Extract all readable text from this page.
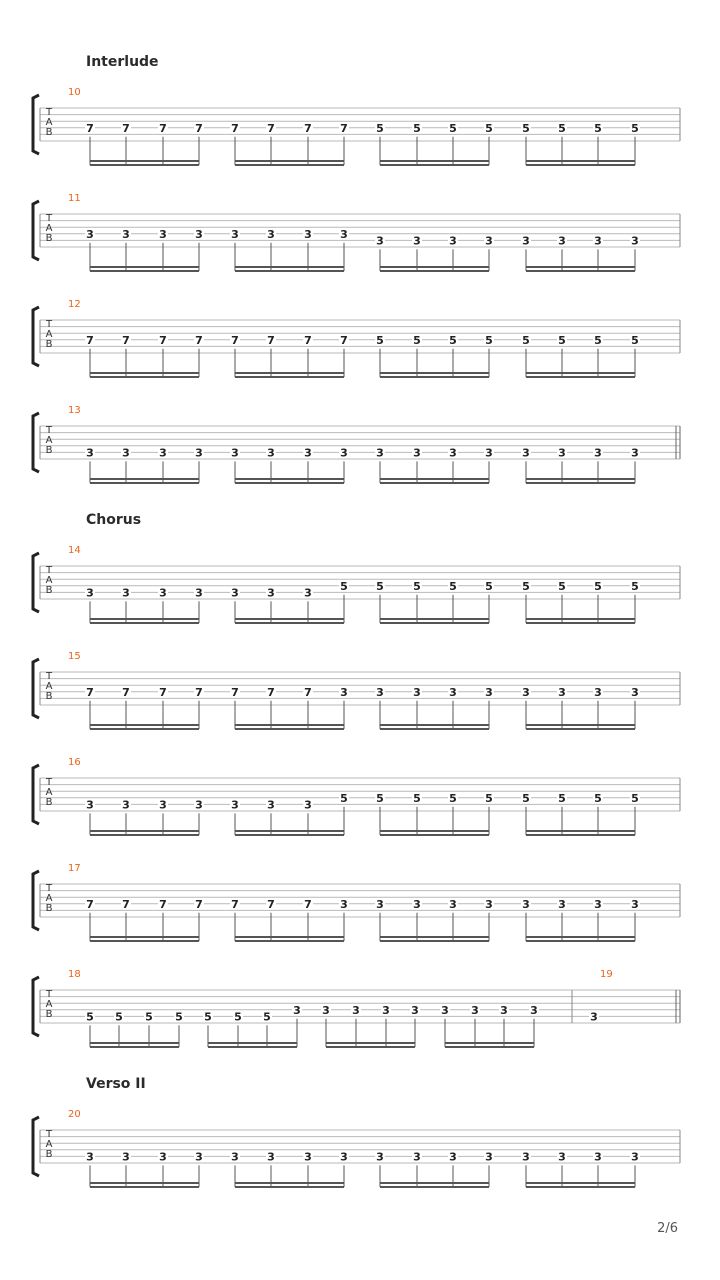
Interlude
Chorus
Verso II
T
A
B
10
7	7	7	7	7	7	7	7	5	5	5	5	5	5	5	5
T
A
B
11
3	3	3	3	3	3	3	3
3	3	3	3	3	3	3	3
T
A
B
12
7	7	7	7	7	7	7	7	5	5	5	5	5	5	5	5
T
A
B
13
3	3	3	3	3	3	3	3	3	3	3	3	3	3	3	3
T
A
B
14
3	3	3	3	3	3	3
5	5	5	5	5	5	5	5	5
T
A
B
15
7	7	7	7	7	7	7	3	3	3	3	3	3	3	3	3
T
A
B
16
3	3	3	3	3	3	3
5	5	5	5	5	5	5	5	5
T
A
B
17
7	7	7	7	7	7	7	3	3	3	3	3	3	3	3	3
T
A
B
18
5 5 5 5 5 5 5
3 3 3 3 3 3 3 3 3
19
3
T
A
B
20
3	3	3	3	3	3	3	3	3	3	3	3	3	3	3	3
2/6
